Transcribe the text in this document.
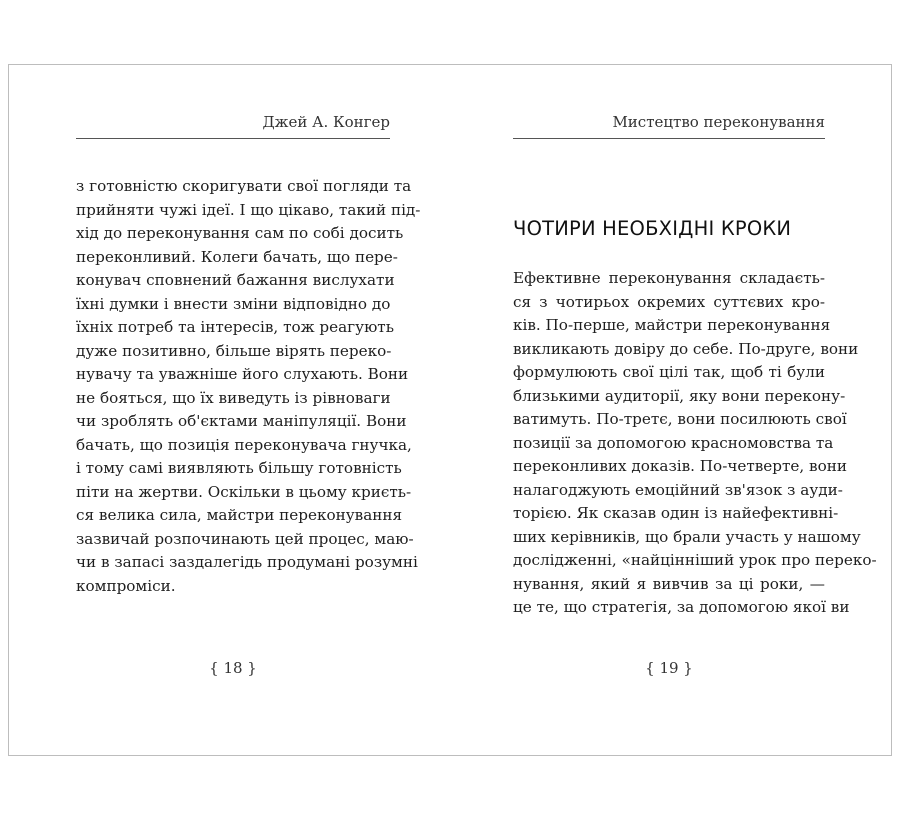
Джей А. Конгер
з готовністю скоригувати свої погляди та
прийняти чужі ідеї. І що цікаво, такий під-
хід до переконування сам по собі досить
переконливий. Колеги бачать, що пере-
конувач сповнений бажання вислухати
їхні думки і внести зміни відповідно до
їхніх потреб та інтересів, тож реагують
дуже позитивно, більше вірять переко-
нувачу та уважніше його слухають. Вони
не бояться, що їх виведуть із рівноваги
чи зроблять об'єктами маніпуляції. Вони
бачать, що позиція переконувача гнучка,
і тому самі виявляють більшу готовність
піти на жертви. Оскільки в цьому криєть-
ся велика сила, майстри переконування
зазвичай розпочинають цей процес, маю-
чи в запасі заздалегідь продумані розумні
компроміси.
{ 18 }
Мистецтво переконування
ЧОТИРИ НЕОБХІДНІ КРОКИ
Ефективне переконування складаєть-
ся з чотирьох окремих суттєвих кро-
ків. По-перше, майстри переконування
викликають довіру до себе. По-друге, вони
формулюють свої цілі так, щоб ті були
близькими аудиторії, яку вони перекону-
ватимуть. По-третє, вони посилюють свої
позиції за допомогою красномовства та
переконливих доказів. По-четверте, вони
налагоджують емоційний зв'язок з ауди-
торією. Як сказав один із найефективні-
ших керівників, що брали участь у нашому
дослідженні, «найцінніший урок про переко-
нування, який я вивчив за ці роки, —
це те, що стратегія, за допомогою якої ви
{ 19 }
